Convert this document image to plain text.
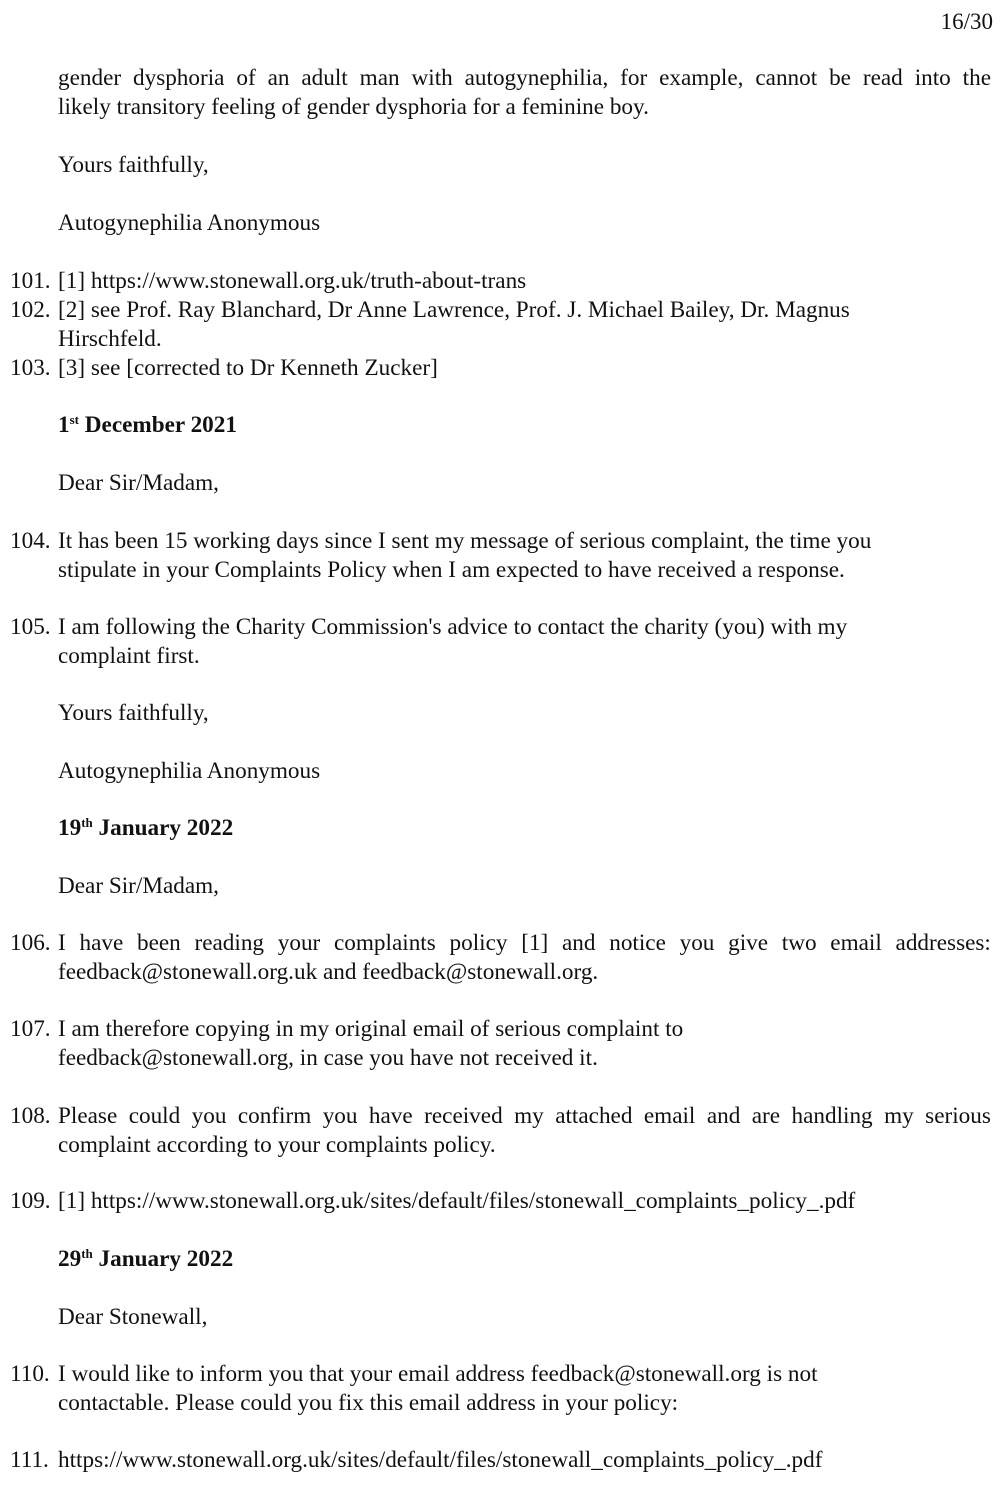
16/30
gender dysphoria of an adult man with autogynephilia, for example, cannot be read into the
likely transitory feeling of gender dysphoria for a feminine boy.
Yours faithfully,
Autogynephilia Anonymous
101. [1] https://www.stonewall.org.uk/truth-about-trans
102. [2] see Prof. Ray Blanchard, Dr Anne Lawrence, Prof. J. Michael Bailey, Dr. Magnus
Hirschfeld.
103. [3] see [corrected to Dr Kenneth Zucker]
1st December 2021
Dear Sir/Madam,
104. It has been 15 working days since I sent my message of serious complaint, the time you
stipulate in your Complaints Policy when I am expected to have received a response.
105. I am following the Charity Commission's advice to contact the charity (you) with my
complaint first.
Yours faithfully,
Autogynephilia Anonymous
19th January 2022
Dear Sir/Madam,
106. I have been reading your complaints policy [1] and notice you give two email addresses:
feedback@stonewall.org.uk and feedback@stonewall.org.
107. I am therefore copying in my original email of serious complaint to
feedback@stonewall.org, in case you have not received it.
108. Please could you confirm you have received my attached email and are handling my serious
complaint according to your complaints policy.
109. [1] https://www.stonewall.org.uk/sites/default/files/stonewall_complaints_policy_.pdf
29th January 2022
Dear Stonewall,
110. I would like to inform you that your email address feedback@stonewall.org is not
contactable. Please could you fix this email address in your policy:
111. https://www.stonewall.org.uk/sites/default/files/stonewall_complaints_policy_.pdf
